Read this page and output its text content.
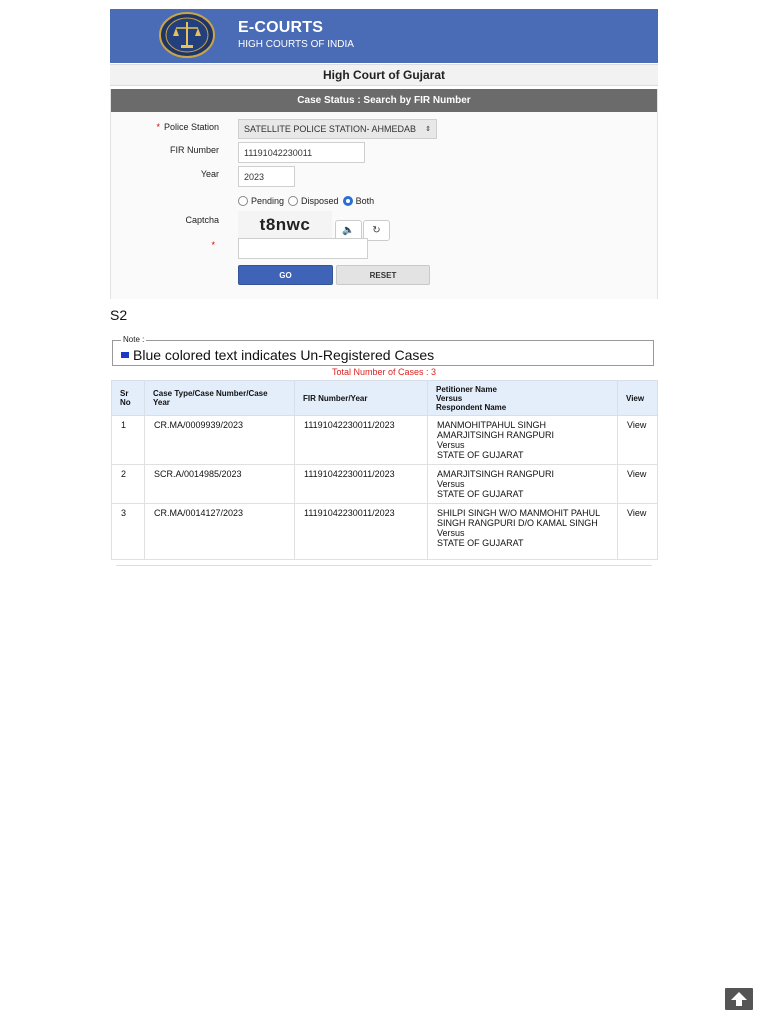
E-COURTS
HIGH COURTS OF INDIA
High Court of Gujarat
Case Status : Search by FIR Number
* Police Station	SATELLITE POLICE STATION- AHMEDAB ⇕
FIR Number	11191042230011
Year	2023
Pending Disposed Both
Captcha	t8nwc	🔈 ↻
*
GO	RESET
S2
Note :
Blue colored text indicates Un-Registered Cases
Total Number of Cases : 3
Sr No	Case Type/Case Number/Case Year	FIR Number/Year	Petitioner Name
Versus
Respondent Name	View
1	CR.MA/0009939/2023	11191042230011/2023	MANMOHITPAHUL SINGH AMARJITSINGH RANGPURI
Versus
STATE OF GUJARAT	View
2	SCR.A/0014985/2023	11191042230011/2023	AMARJITSINGH RANGPURI
Versus
STATE OF GUJARAT	View
3	CR.MA/0014127/2023	11191042230011/2023	SHILPI SINGH W/O MANMOHIT PAHUL SINGH RANGPURI D/O KAMAL SINGH
Versus
STATE OF GUJARAT	View
